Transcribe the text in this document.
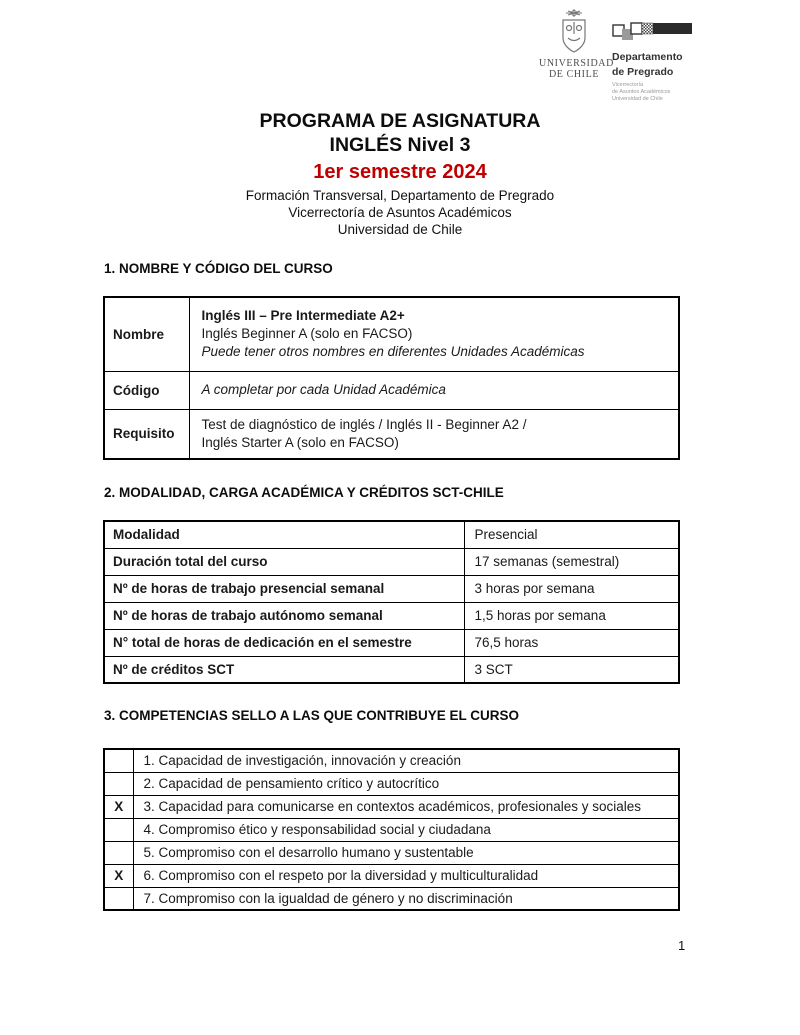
UNIVERSIDAD
DE CHILE
Departamento
de Pregrado
Vicerrectoría
de Asuntos Académicos
Universidad de Chile
PROGRAMA DE ASIGNATURA
INGLÉS Nivel 3
1er semestre 2024
Formación Transversal, Departamento de Pregrado
Vicerrectoría de Asuntos Académicos
Universidad de Chile
1. NOMBRE Y CÓDIGO DEL CURSO
Nombre	Inglés III – Pre Intermediate A2+
Inglés Beginner A (solo en FACSO)
Puede tener otros nombres en diferentes Unidades Académicas

Código	A completar por cada Unidad Académica

Requisito	Test de diagnóstico de inglés / Inglés II - Beginner A2 /
Inglés Starter A (solo en FACSO)
2. MODALIDAD, CARGA ACADÉMICA Y CRÉDITOS SCT-CHILE
Modalidad	Presencial
Duración total del curso	17 semanas (semestral)
Nº de horas de trabajo presencial semanal	3 horas por semana
Nº de horas de trabajo autónomo semanal	1,5 horas por semana
N° total de horas de dedicación en el semestre	76,5 horas
Nº de créditos SCT	3 SCT
3. COMPETENCIAS SELLO A LAS QUE CONTRIBUYE EL CURSO
	1. Capacidad de investigación, innovación y creación
	2. Capacidad de pensamiento crítico y autocrítico
X	3. Capacidad para comunicarse en contextos académicos, profesionales y sociales
	4. Compromiso ético y responsabilidad social y ciudadana
	5. Compromiso con el desarrollo humano y sustentable
X	6. Compromiso con el respeto por la diversidad y multiculturalidad
	7. Compromiso con la igualdad de género y no discriminación
1
